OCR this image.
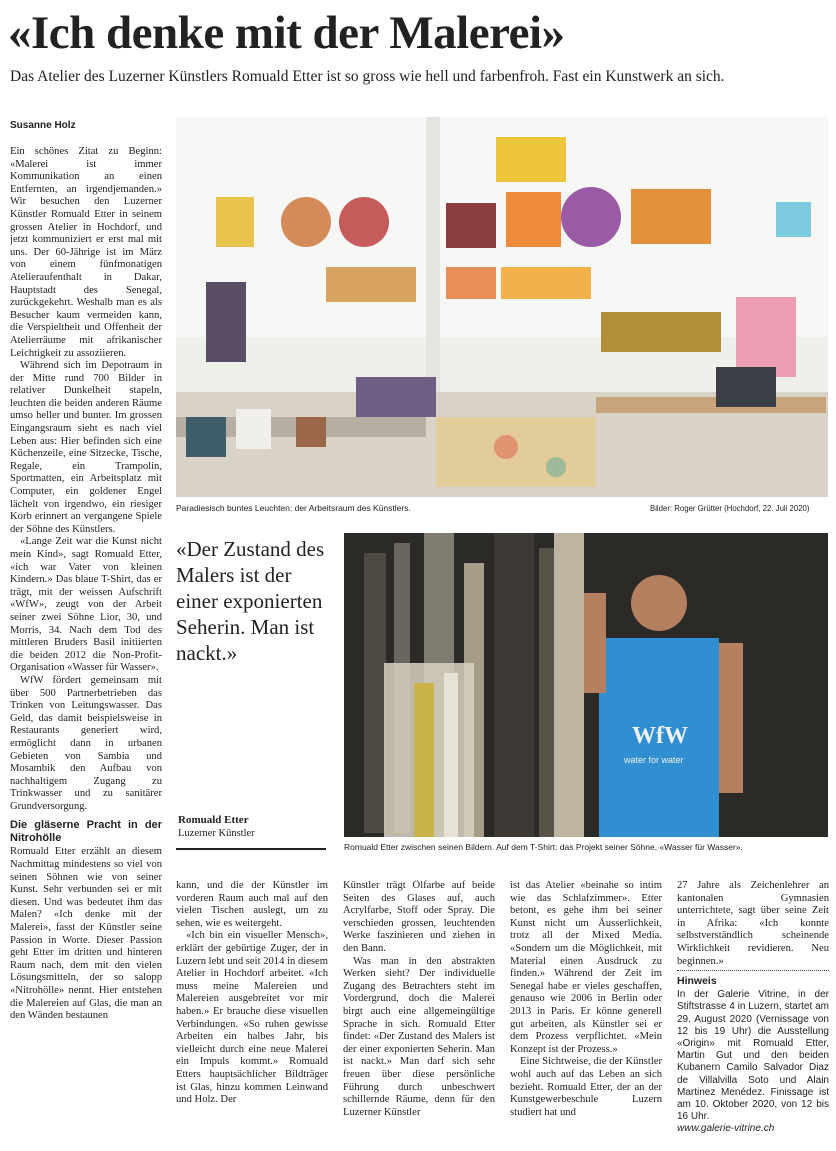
«Ich denke mit der Malerei»
Das Atelier des Luzerner Künstlers Romuald Etter ist so gross wie hell und farbenfroh. Fast ein Kunstwerk an sich.
Susanne Holz

Ein schönes Zitat zu Beginn: «Malerei ist immer Kommunikation an einen Entfernten, an irgendjemanden.» Wir besuchen den Luzerner Künstler Romuald Etter in seinem grossen Atelier in Hochdorf, und jetzt kommuniziert er erst mal mit uns. Der 60-Jährige ist im März von einem fünfmonatigen Atelieraufenthalt in Dakar, Hauptstadt des Senegal, zurückgekehrt. Weshalb man es als Besucher kaum vermeiden kann, die Verspieltheit und Offenheit der Atelierräume mit afrikanischer Leichtigkeit zu assoziieren.

Während sich im Depotraum in der Mitte rund 700 Bilder in relativer Dunkelheit stapeln, leuchten die beiden anderen Räume umso heller und bunter. Im grossen Eingangsraum sieht es nach viel Leben aus: Hier befinden sich eine Küchenzeile, eine Sitzecke, Tische, Regale, ein Trampolin, Sportmatten, ein Arbeitsplatz mit Computer, ein goldener Engel lächelt von irgendwo, ein riesiger Korb erinnert an vergangene Spiele der Söhne des Künstlers.

«Lange Zeit war die Kunst nicht mein Kind», sagt Romuald Etter, «ich war Vater von kleinen Kindern.» Das blaue T-Shirt, das er trägt, mit der weissen Aufschrift «WfW», zeugt von der Arbeit seiner zwei Söhne Lior, 30, und Morris, 34. Nach dem Tod des mittleren Bruders Basil initiierten die beiden 2012 die Non-Profit-Organisation «Wasser für Wasser».

WfW fördert gemeinsam mit über 500 Partnerbetrieben das Trinken von Leitungswasser. Das Geld, das damit beispielsweise in Restaurants generiert wird, ermöglicht dann in urbanen Gebieten von Sambia und Mosambik den Aufbau von nachhaltigem Zugang zu Trinkwasser und zu sanitärer Grundversorgung.

Die gläserne Pracht in der Nitrohölle

Romuald Etter erzählt an diesem Nachmittag mindestens so viel von seinen Söhnen wie von seiner Kunst. Sehr verbunden sei er mit diesen. Und was bedeutet ihm das Malen? «Ich denke mit der Malerei», fasst der Künstler seine Passion in Worte. Dieser Passion geht Etter im dritten und hinteren Raum nach, dem mit den vielen Lösungsmitteln, der so salopp «Nitrohölle» nennt. Hier entstehen die Malereien auf Glas, die man an den Wänden bestaunen

Paradiesisch buntes Leuchten: der Arbeitsraum des Künstlers.	Bilder: Roger Grütter (Hochdorf, 22. Juli 2020)
«Der Zustand des Malers ist der einer exponierten Seherin. Man ist nackt.»
Romuald Etter
Luzerner Künstler
WfW
water for water
Romuald Etter zwischen seinen Bildern. Auf dem T-Shirt: das Projekt seiner Söhne, «Wasser für Wasser».

kann, und die der Künstler im vorderen Raum auch mal auf den vielen Tischen auslegt, um zu sehen, wie es weitergeht.

«Ich bin ein visueller Mensch», erklärt der gebürtige Zuger, der in Luzern lebt und seit 2014 in diesem Atelier in Hochdorf arbeitet. «Ich muss meine Malereien und Malereien ausgebreitet vor mir haben.» Er brauche diese visuellen Verbindungen. «So ruhen gewisse Arbeiten ein halbes Jahr, bis vielleicht durch eine neue Malerei ein Impuls kommt.» Romuald Etters hauptsächlicher Bildträger ist Glas, hinzu kommen Leinwand und Holz. Der

Künstler trägt Ölfarbe auf beide Seiten des Glases auf, auch Acrylfarbe, Stoff oder Spray. Die verschieden grossen, leuchtenden Werke faszinieren und ziehen in den Bann.

Was man in den abstrakten Werken sieht? Der individuelle Zugang des Betrachters steht im Vordergrund, doch die Malerei birgt auch eine allgemeingültige Sprache in sich. Romuald Etter findet: «Der Zustand des Malers ist der einer exponierten Seherin. Man ist nackt.» Man darf sich sehr freuen über diese persönliche Führung durch unbeschwert schillernde Räume, denn für den Luzerner Künstler

ist das Atelier «beinahe so intim wie das Schlafzimmer». Etter betont, es gehe ihm bei seiner Kunst nicht um Äusserlichkeit, trotz all der Mixed Media. «Sondern um die Möglichkeit, mit Material einen Ausdruck zu finden.» Während der Zeit im Senegal habe er vieles geschaffen, genauso wie 2006 in Berlin oder 2013 in Paris. Er könne generell gut arbeiten, als Künstler sei er dem Prozess verpflichtet. «Mein Konzept ist der Prozess.»

Eine Sichtweise, die der Künstler wohl auch auf das Leben an sich bezieht. Romuald Etter, der an der Kunstgewerbeschule Luzern studiert hat und

27 Jahre als Zeichenlehrer an kantonalen Gymnasien unterrichtete, sagt über seine Zeit in Afrika: «Ich konnte selbstverständlich scheinende Wirklichkeit revidieren. Neu beginnen.»

Hinweis
In der Galerie Vitrine, in der Stiftstrasse 4 in Luzern, startet am 29. August 2020 (Vernissage von 12 bis 19 Uhr) die Ausstellung «Origin» mit Romuald Etter, Martin Gut und den beiden Kubanern Camilo Salvador Diaz de Villalvilla Soto und Alain Martinez Menédez. Finissage ist am 10. Oktober 2020, von 12 bis 16 Uhr.
www.galerie-vitrine.ch
